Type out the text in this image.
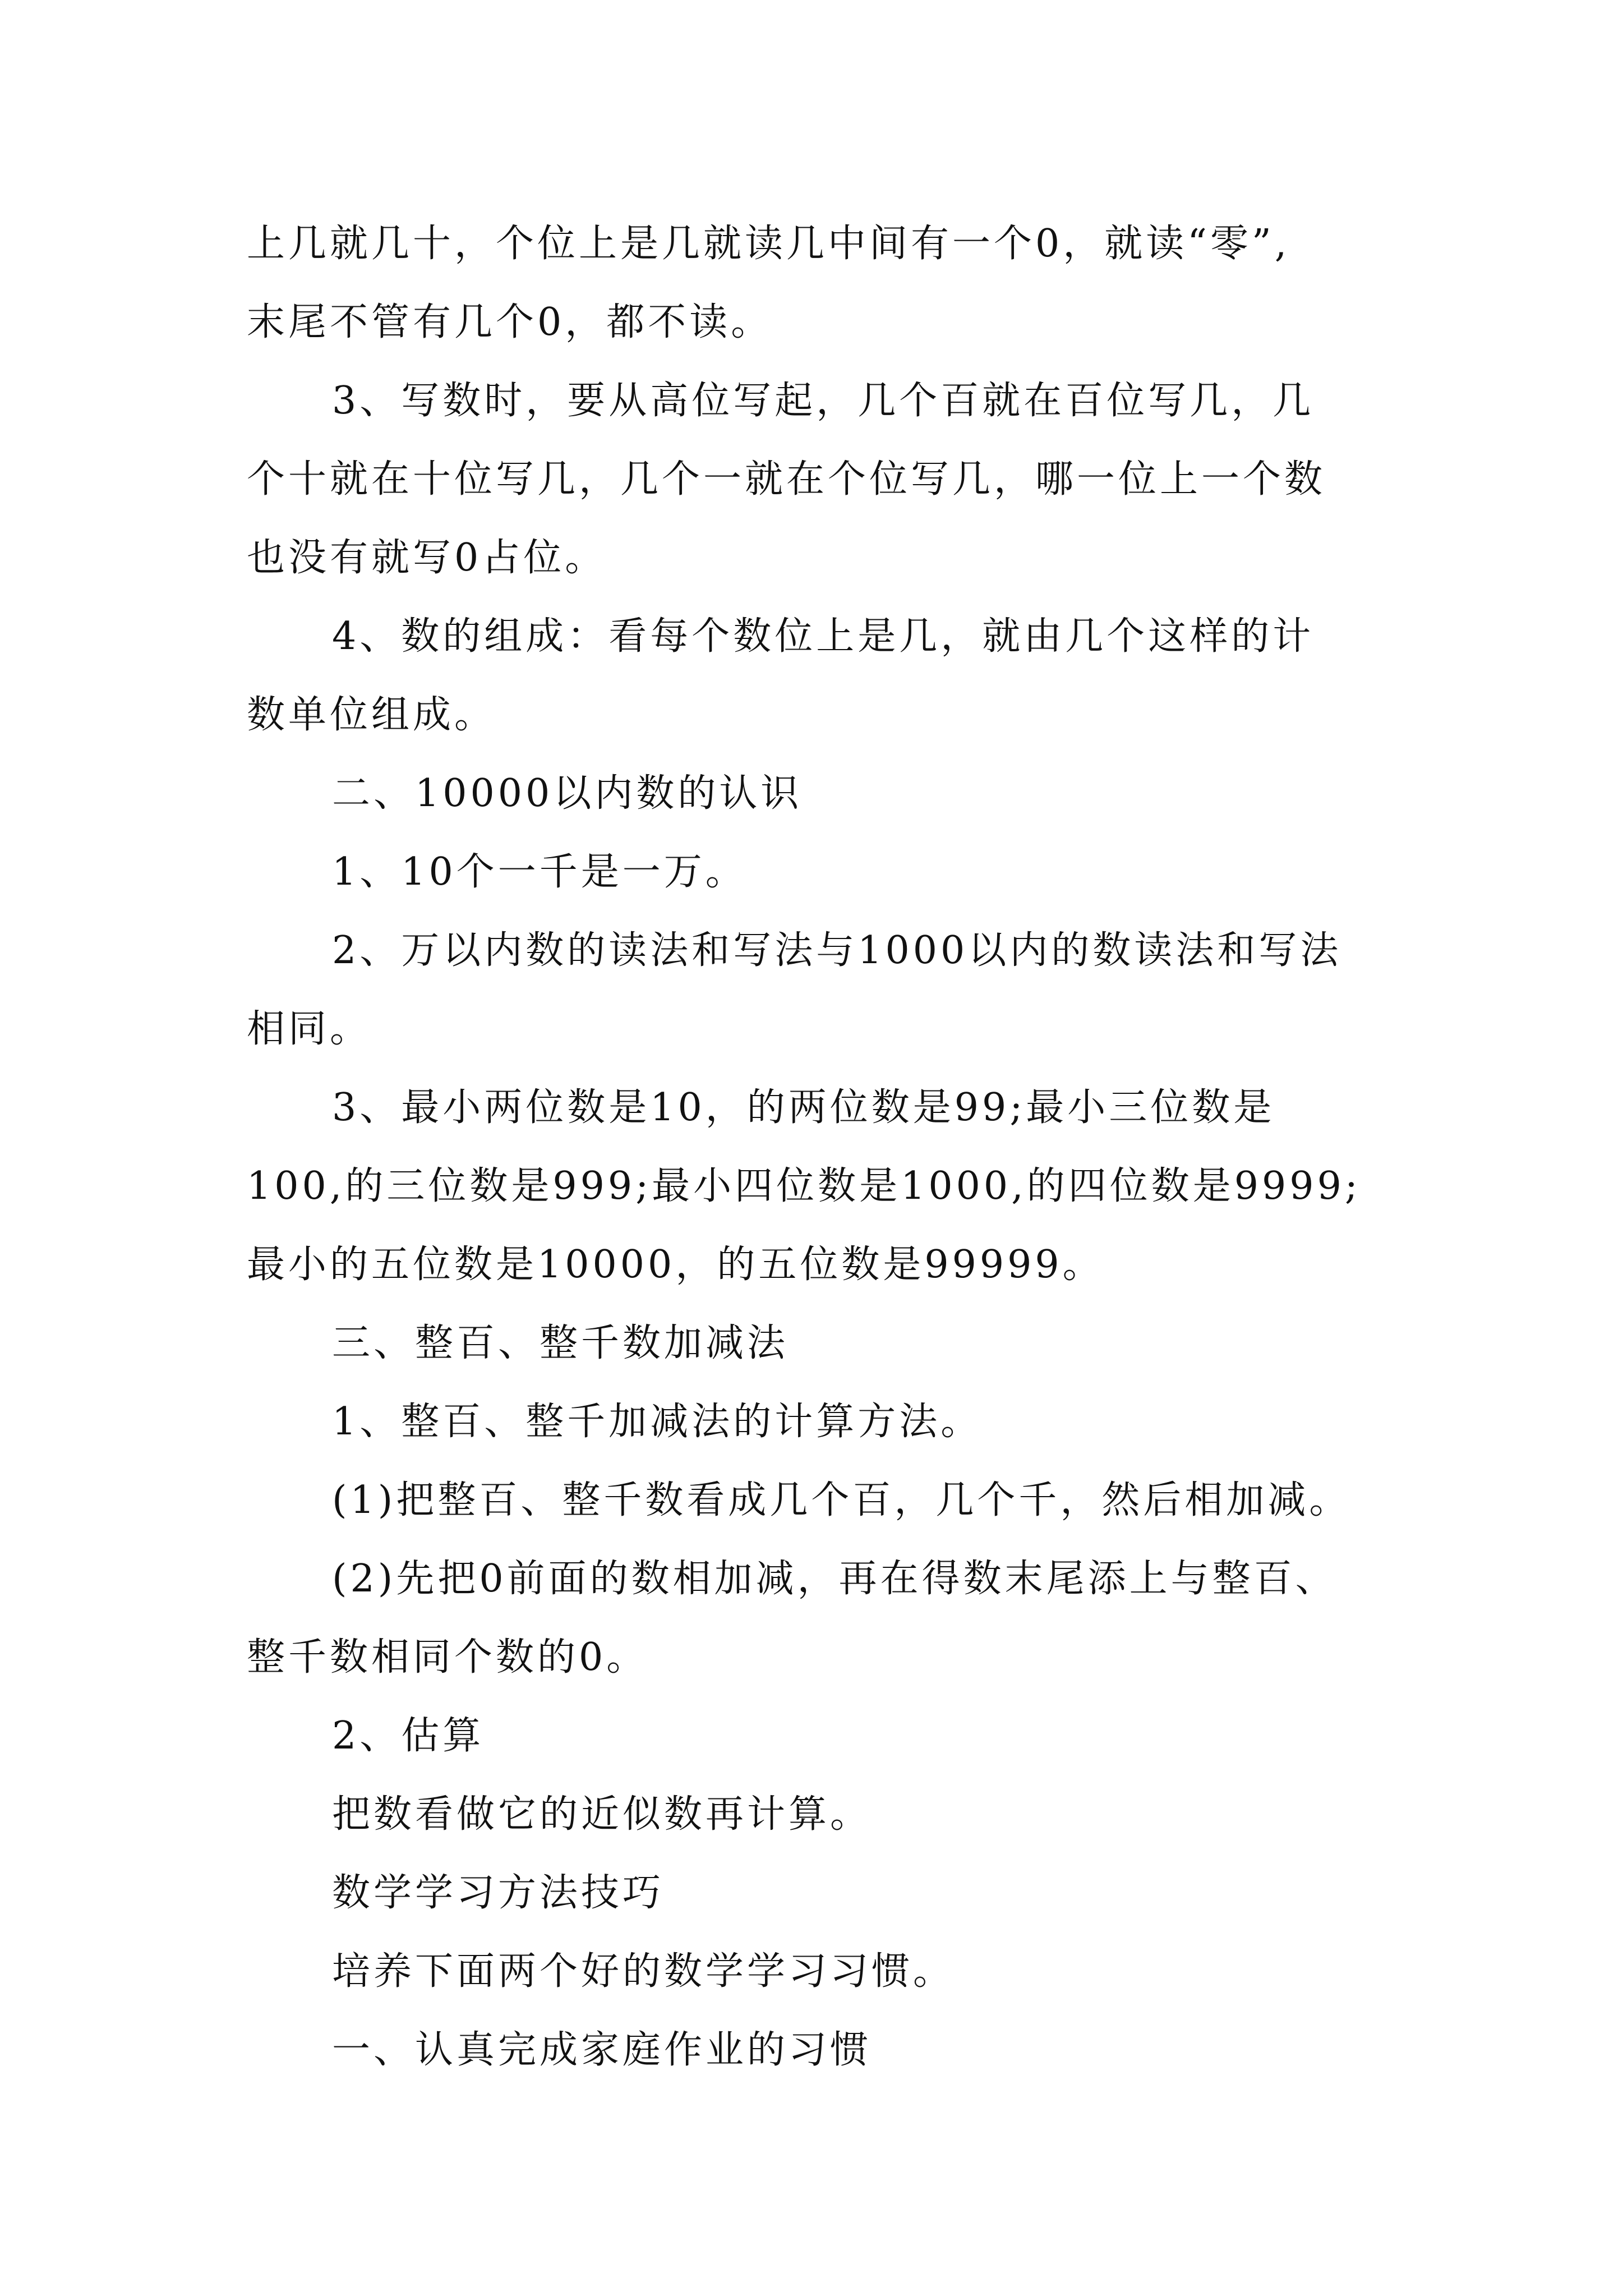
上几就几十，个位上是几就读几中间有一个0，就读“零”,
末尾不管有几个0，都不读。
3、写数时，要从高位写起，几个百就在百位写几，几
个十就在十位写几，几个一就在个位写几，哪一位上一个数
也没有就写0占位。
4、数的组成：看每个数位上是几，就由几个这样的计
数单位组成。
二、10000以内数的认识
1、10个一千是一万。
2、万以内数的读法和写法与1000以内的数读法和写法
相同。
3、最小两位数是10，的两位数是99;最小三位数是
100,的三位数是999;最小四位数是1000,的四位数是9999;
最小的五位数是10000，的五位数是99999。
三、整百、整千数加减法
1、整百、整千加减法的计算方法。
(1)把整百、整千数看成几个百，几个千，然后相加减。
(2)先把0前面的数相加减，再在得数末尾添上与整百、
整千数相同个数的0。
2、估算
把数看做它的近似数再计算。
数学学习方法技巧
培养下面两个好的数学学习习惯。
一、认真完成家庭作业的习惯
